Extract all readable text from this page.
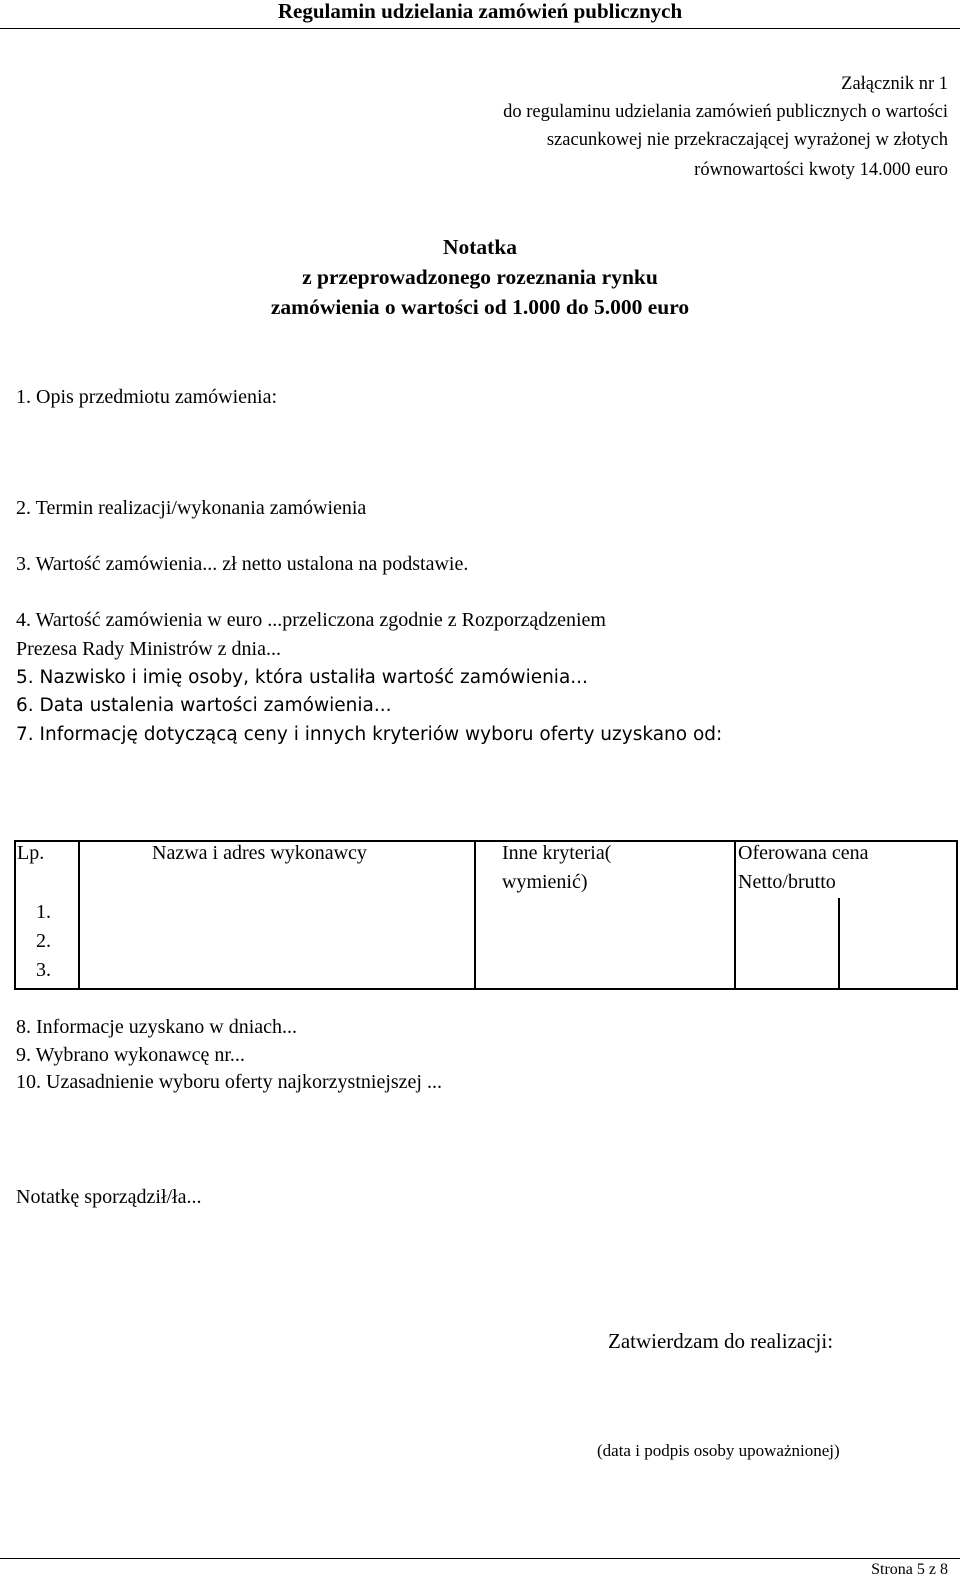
Regulamin udzielania zamówień publicznych
Załącznik nr 1
do regulaminu udzielania zamówień publicznych o wartości
szacunkowej nie przekraczającej wyrażonej w złotych
równowartości kwoty 14.000 euro
Notatka
z przeprowadzonego rozeznania rynku
zamówienia o wartości od 1.000 do 5.000 euro
1. Opis przedmiotu zamówienia:
2. Termin realizacji/wykonania zamówienia
3. Wartość zamówienia... zł netto ustalona na podstawie.
4. Wartość zamówienia w euro ...przeliczona zgodnie z Rozporządzeniem
Prezesa Rady Ministrów z dnia...
5. Nazwisko i imię osoby, która ustaliła wartość zamówienia...
6. Data ustalenia wartości zamówienia...
7. Informację dotyczącą ceny i innych kryteriów wyboru oferty uzyskano od:
Lp.	Nazwa i adres wykonawcy	Inne kryteria(
wymienić)
Oferowana cena
Netto/brutto
1.
2.
3.
8. Informacje uzyskano w dniach...
9. Wybrano wykonawcę nr...
10. Uzasadnienie wyboru oferty najkorzystniejszej ...
Notatkę sporządził/ła...
Zatwierdzam do realizacji:
(data i podpis osoby upoważnionej)
Strona 5 z 8
